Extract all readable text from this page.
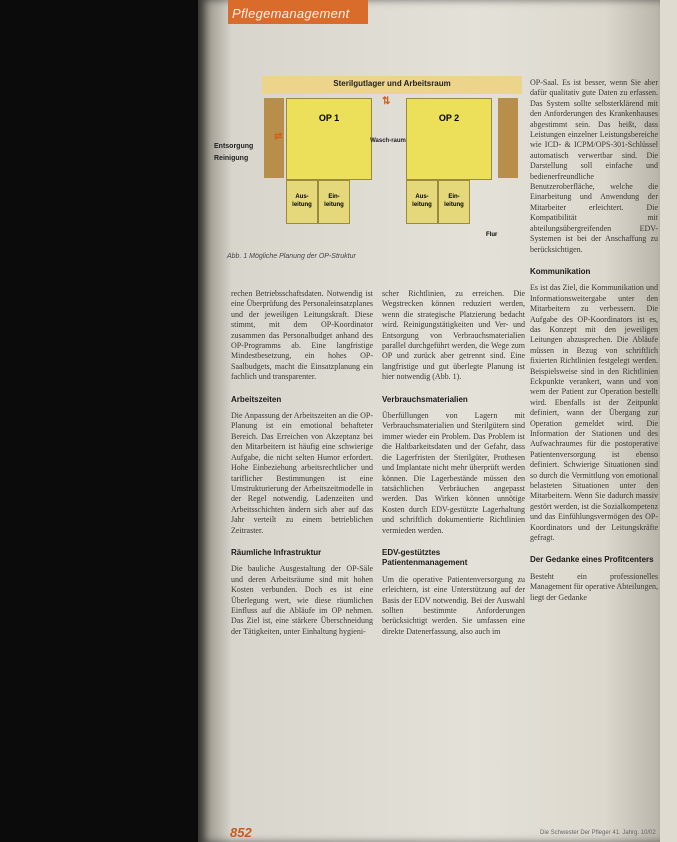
Pflegemanagement
Sterilgutlager und Arbeitsraum
OP 1	OP 2
Wasch-raum
Aus-leitung
Ein-leitung
Aus-leitung
Ein-leitung
Flur
⇄
⇅
Entsorgung
Reinigung
Abb. 1 Mögliche Planung der OP-Struktur

rechen Betriebsschaftsdaten. Notwendig ist eine Überprüfung des Personaleinsatzplanes und der jeweiligen Leitungskraft. Diese stimmt, mit dem OP-Koordinator zusammen das Personalbudget anhand des OP-Programms ab. Eine langfristige Mindestbesetzung, ein hohes OP-Saalbudgets, macht die Einsatzplanung ein fachlich und transparenter.

Arbeitszeiten

Die Anpassung der Arbeitszeiten an die OP-Planung ist ein emotional behafteter Bereich. Das Erreichen von Akzeptanz bei den Mitarbeitern ist häufig eine schwierige Aufgabe, die nicht selten Humor erfordert. Hohe Einbeziehung arbeitsrechtlicher und tariflicher Bestimmungen ist eine Umstrukturierung der Arbeitszeitmodelle in der Regel notwendig. Ladenzeiten und Arbeitsschichten ändern sich aber auf das Jahr verteilt zu einem betrieblichen Zeitraster.

Räumliche Infrastruktur

Die bauliche Ausgestaltung der OP-Säle und deren Arbeitsräume sind mit hohen Kosten verbunden. Doch es ist eine Überlegung wert, wie diese räumlichen Einfluss auf die Abläufe im OP nehmen. Das Ziel ist, eine stärkere Überschneidung der Tätigkeiten, unter Einhaltung hygieni-

scher Richtlinien, zu erreichen. Die Wegstrecken können reduziert werden, wenn die strategische Platzierung bedacht wird. Reinigungstätigkeiten und Ver- und Entsorgung von Verbrauchsmaterialien parallel durchgeführt werden, die Wege zum OP und zurück aber getrennt sind. Eine langfristige und gut überlegte Planung ist hier notwendig (Abb. 1).

Verbrauchsmaterialien

Überfüllungen von Lagern mit Verbrauchsmaterialien und Sterilgütern sind immer wieder ein Problem. Das Problem ist die Haltbarkeitsdaten und der Gefahr, dass die Lagerfristen der Sterilgüter, Prothesen und Implantate nicht mehr überprüft werden können. Die Lagerbestände müssen den tatsächlichen Verbräuchen angepasst werden. Das Wirken können unnötige Kosten durch EDV-gestützte Lagerhaltung und schriftlich dokumentierte Richtlinien vermieden werden.

EDV-gestütztes Patientenmanagement

Um die operative Patientenversorgung zu erleichtern, ist eine Unterstützung auf der Basis der EDV notwendig. Bei der Auswahl sollten bestimmte Anforderungen berücksichtigt werden. Sie umfassen eine direkte Datenerfassung, also auch im

OP-Saal. Es ist besser, wenn Sie aber dafür qualitativ gute Daten zu erfassen. Das System sollte selbsterklärend mit den Anforderungen des Krankenhauses abgestimmt sein. Das heißt, dass Leistungen einzelner Leistungsbereiche wie ICD- & ICPM/OPS-301-Schlüssel automatisch verwertbar sind. Die Darstellung soll einfache und bedienerfreundliche Benutzeroberfläche, welche die Einarbeitung und Anwendung der Mitarbeiter erleichtert. Die Kompatibilität mit abteilungsübergreifenden EDV-Systemen ist bei der Anschaffung zu berücksichtigen.

Kommunikation

Es ist das Ziel, die Kommunikation und Informationsweitergabe unter den Mitarbeitern zu verbessern. Die Aufgabe des OP-Koordinators ist es, das Konzept mit den jeweiligen Leitungen abzusprechen. Die Abläufe müssen in Bezug von schriftlich fixierten Richtlinien festgelegt werden. Beispielsweise sind in den Richtlinien Eckpunkte verankert, wann und von wem der Patient zur Operation bestellt wird. Ebenfalls ist der Zeitpunkt definiert, wann der Übergang zur Operation gemeldet wird. Die Information der Stationen und des Aufwachraumes für die postoperative Patientenversorgung ist ebenso definiert. Schwierige Situationen sind so durch die Vermittlung von emotional belasteten Situationen unter den Mitarbeitern. Wenn Sie dadurch massiv gestört werden, ist die Sozialkompetenz und das Einfühlungsvermögen des OP-Koordinators und der Leitungskräfte gefragt.

Der Gedanke eines Profitcenters

Besteht ein professionelles Management für operative Abteilungen, liegt der Gedanke

852	Die Schwester Der Pfleger 41. Jahrg. 10/02
